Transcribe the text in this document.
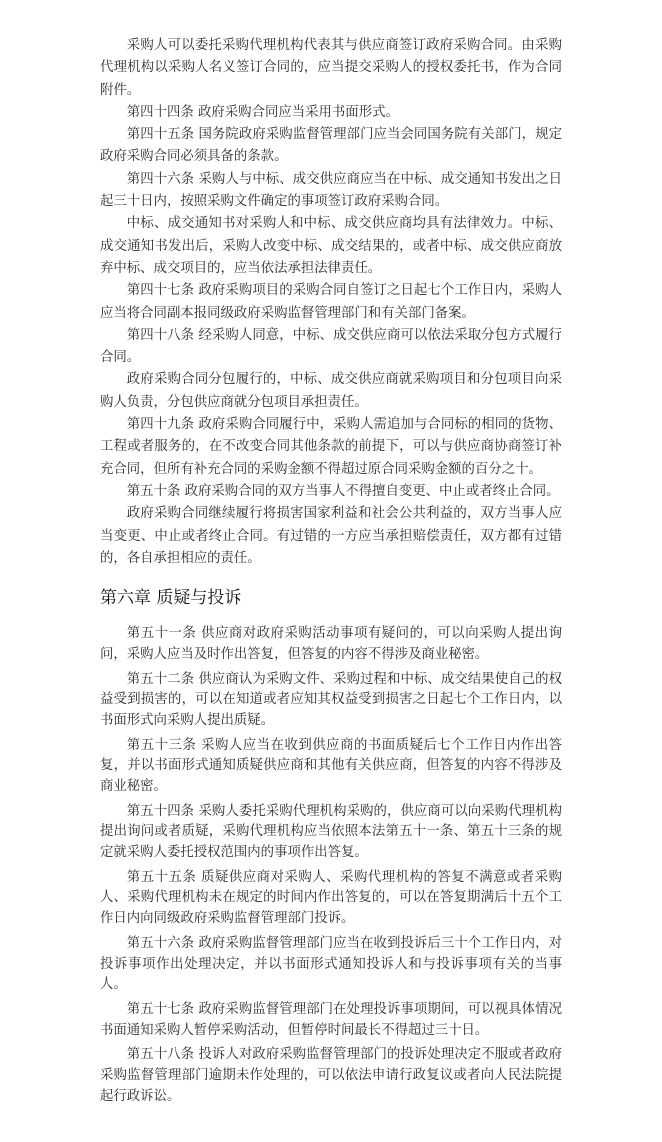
采购人可以委托采购代理机构代表其与供应商签订政府采购合同。由采购代理机构以采购人名义签订合同的，应当提交采购人的授权委托书，作为合同附件。

第四十四条 政府采购合同应当采用书面形式。

第四十五条 国务院政府采购监督管理部门应当会同国务院有关部门，规定政府采购合同必须具备的条款。

第四十六条 采购人与中标、成交供应商应当在中标、成交通知书发出之日起三十日内，按照采购文件确定的事项签订政府采购合同。

中标、成交通知书对采购人和中标、成交供应商均具有法律效力。中标、成交通知书发出后，采购人改变中标、成交结果的，或者中标、成交供应商放弃中标、成交项目的，应当依法承担法律责任。

第四十七条 政府采购项目的采购合同自签订之日起七个工作日内，采购人应当将合同副本报同级政府采购监督管理部门和有关部门备案。

第四十八条 经采购人同意，中标、成交供应商可以依法采取分包方式履行合同。

政府采购合同分包履行的，中标、成交供应商就采购项目和分包项目向采购人负责，分包供应商就分包项目承担责任。

第四十九条 政府采购合同履行中，采购人需追加与合同标的相同的货物、工程或者服务的，在不改变合同其他条款的前提下，可以与供应商协商签订补充合同，但所有补充合同的采购金额不得超过原合同采购金额的百分之十。

第五十条 政府采购合同的双方当事人不得擅自变更、中止或者终止合同。

政府采购合同继续履行将损害国家利益和社会公共利益的，双方当事人应当变更、中止或者终止合同。有过错的一方应当承担赔偿责任，双方都有过错的，各自承担相应的责任。

第六章 质疑与投诉

第五十一条 供应商对政府采购活动事项有疑问的，可以向采购人提出询问，采购人应当及时作出答复，但答复的内容不得涉及商业秘密。

第五十二条 供应商认为采购文件、采购过程和中标、成交结果使自己的权益受到损害的，可以在知道或者应知其权益受到损害之日起七个工作日内，以书面形式向采购人提出质疑。

第五十三条 采购人应当在收到供应商的书面质疑后七个工作日内作出答复，并以书面形式通知质疑供应商和其他有关供应商，但答复的内容不得涉及商业秘密。

第五十四条 采购人委托采购代理机构采购的，供应商可以向采购代理机构提出询问或者质疑，采购代理机构应当依照本法第五十一条、第五十三条的规定就采购人委托授权范围内的事项作出答复。

第五十五条 质疑供应商对采购人、采购代理机构的答复不满意或者采购人、采购代理机构未在规定的时间内作出答复的，可以在答复期满后十五个工作日内向同级政府采购监督管理部门投诉。

第五十六条 政府采购监督管理部门应当在收到投诉后三十个工作日内，对投诉事项作出处理决定，并以书面形式通知投诉人和与投诉事项有关的当事人。

第五十七条 政府采购监督管理部门在处理投诉事项期间，可以视具体情况书面通知采购人暂停采购活动，但暂停时间最长不得超过三十日。

第五十八条 投诉人对政府采购监督管理部门的投诉处理决定不服或者政府采购监督管理部门逾期未作处理的，可以依法申请行政复议或者向人民法院提起行政诉讼。
